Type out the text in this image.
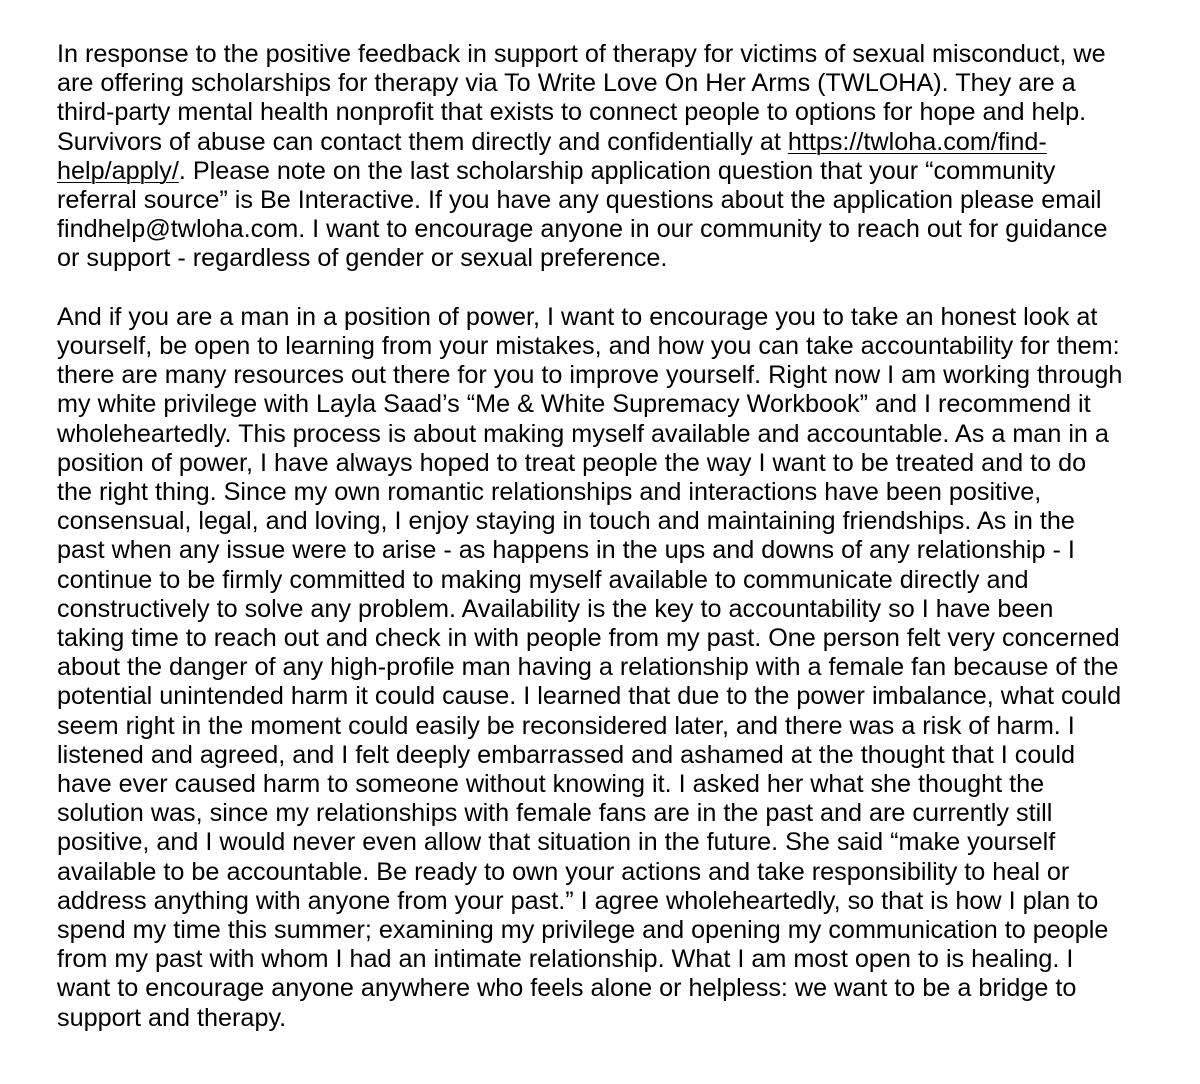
In response to the positive feedback in support of therapy for victims of sexual misconduct, we
are offering scholarships for therapy via To Write Love On Her Arms (TWLOHA). They are a
third-party mental health nonprofit that exists to connect people to options for hope and help.
Survivors of abuse can contact them directly and confidentially at https://twloha.com/find-
help/apply/. Please note on the last scholarship application question that your “community
referral source” is Be Interactive. If you have any questions about the application please email
findhelp@twloha.com. I want to encourage anyone in our community to reach out for guidance
or support - regardless of gender or sexual preference.
And if you are a man in a position of power, I want to encourage you to take an honest look at
yourself, be open to learning from your mistakes, and how you can take accountability for them:
there are many resources out there for you to improve yourself. Right now I am working through
my white privilege with Layla Saad’s “Me & White Supremacy Workbook” and I recommend it
wholeheartedly. This process is about making myself available and accountable. As a man in a
position of power, I have always hoped to treat people the way I want to be treated and to do
the right thing. Since my own romantic relationships and interactions have been positive,
consensual, legal, and loving, I enjoy staying in touch and maintaining friendships. As in the
past when any issue were to arise - as happens in the ups and downs of any relationship - I
continue to be firmly committed to making myself available to communicate directly and
constructively to solve any problem. Availability is the key to accountability so I have been
taking time to reach out and check in with people from my past. One person felt very concerned
about the danger of any high-profile man having a relationship with a female fan because of the
potential unintended harm it could cause. I learned that due to the power imbalance, what could
seem right in the moment could easily be reconsidered later, and there was a risk of harm. I
listened and agreed, and I felt deeply embarrassed and ashamed at the thought that I could
have ever caused harm to someone without knowing it. I asked her what she thought the
solution was, since my relationships with female fans are in the past and are currently still
positive, and I would never even allow that situation in the future. She said “make yourself
available to be accountable. Be ready to own your actions and take responsibility to heal or
address anything with anyone from your past.” I agree wholeheartedly, so that is how I plan to
spend my time this summer; examining my privilege and opening my communication to people
from my past with whom I had an intimate relationship. What I am most open to is healing. I
want to encourage anyone anywhere who feels alone or helpless: we want to be a bridge to
support and therapy.
